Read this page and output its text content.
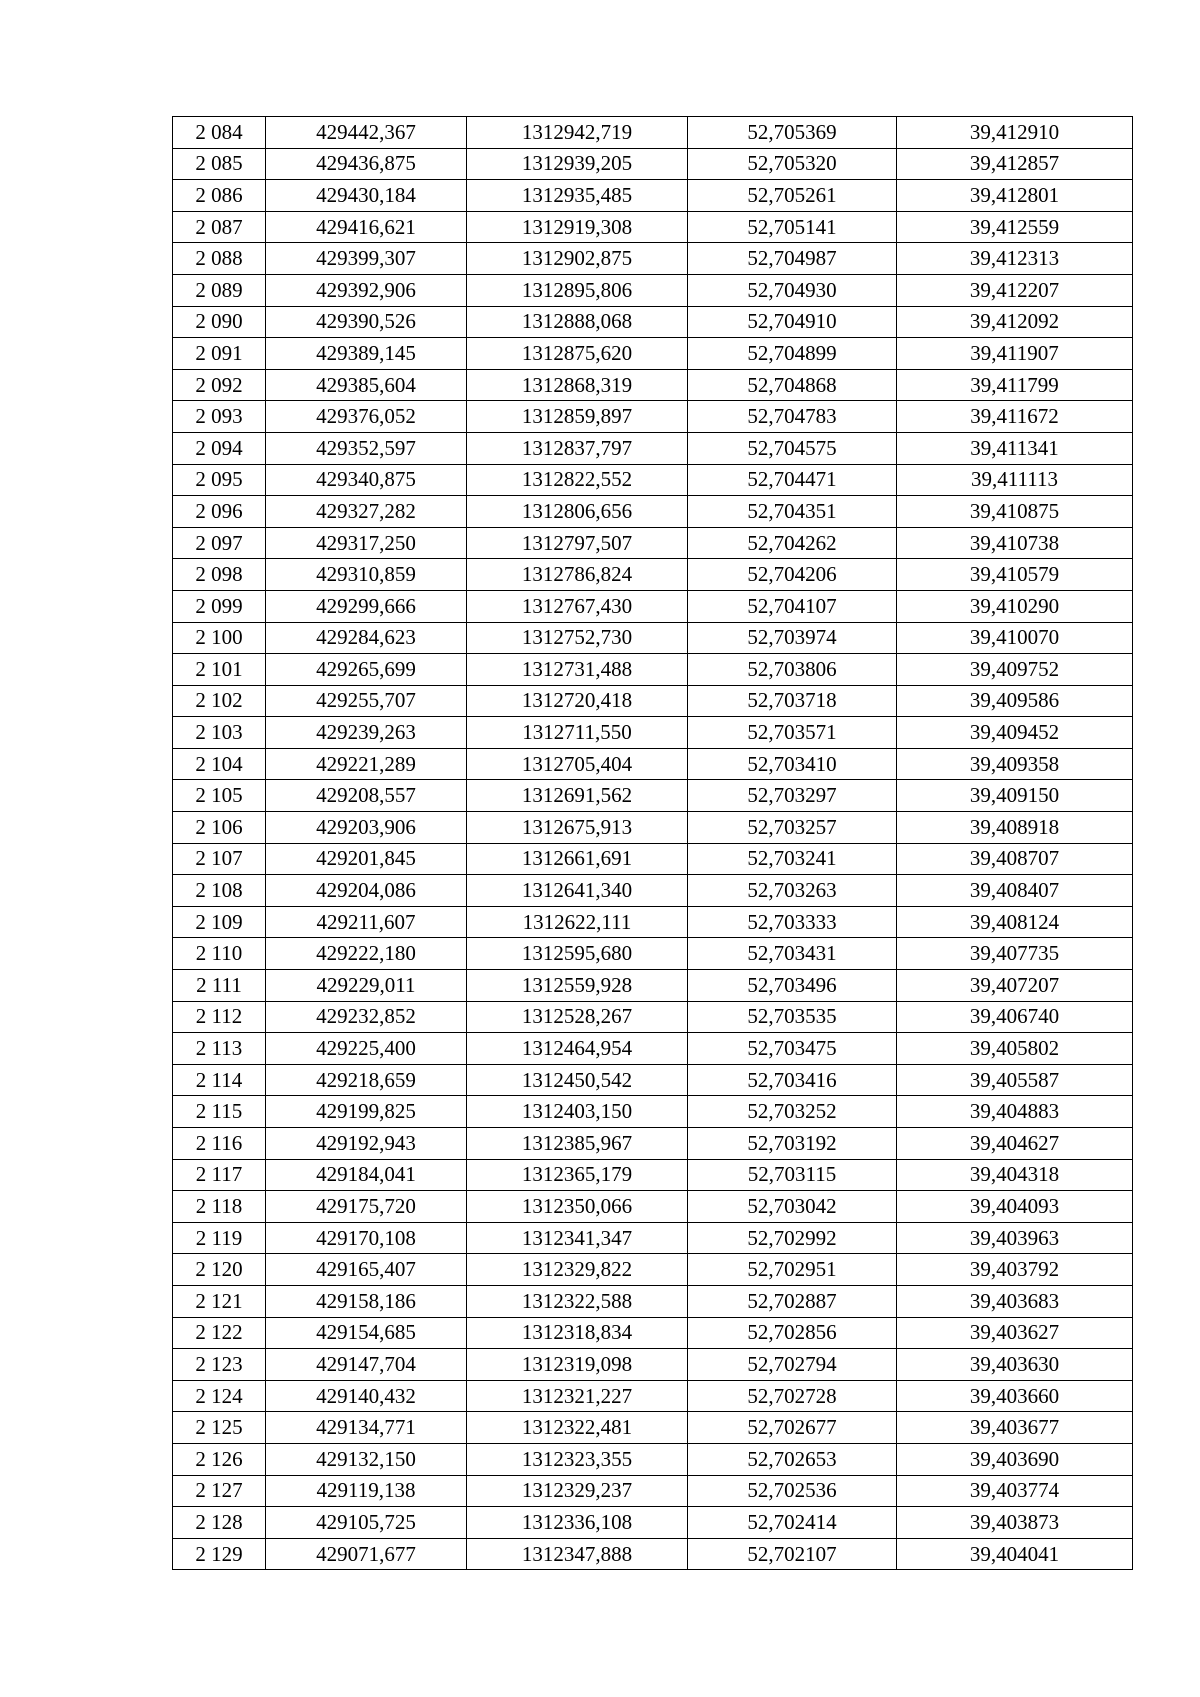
2 084	429442,367	1312942,719	52,705369	39,412910
2 085	429436,875	1312939,205	52,705320	39,412857
2 086	429430,184	1312935,485	52,705261	39,412801
2 087	429416,621	1312919,308	52,705141	39,412559
2 088	429399,307	1312902,875	52,704987	39,412313
2 089	429392,906	1312895,806	52,704930	39,412207
2 090	429390,526	1312888,068	52,704910	39,412092
2 091	429389,145	1312875,620	52,704899	39,411907
2 092	429385,604	1312868,319	52,704868	39,411799
2 093	429376,052	1312859,897	52,704783	39,411672
2 094	429352,597	1312837,797	52,704575	39,411341
2 095	429340,875	1312822,552	52,704471	39,411113
2 096	429327,282	1312806,656	52,704351	39,410875
2 097	429317,250	1312797,507	52,704262	39,410738
2 098	429310,859	1312786,824	52,704206	39,410579
2 099	429299,666	1312767,430	52,704107	39,410290
2 100	429284,623	1312752,730	52,703974	39,410070
2 101	429265,699	1312731,488	52,703806	39,409752
2 102	429255,707	1312720,418	52,703718	39,409586
2 103	429239,263	1312711,550	52,703571	39,409452
2 104	429221,289	1312705,404	52,703410	39,409358
2 105	429208,557	1312691,562	52,703297	39,409150
2 106	429203,906	1312675,913	52,703257	39,408918
2 107	429201,845	1312661,691	52,703241	39,408707
2 108	429204,086	1312641,340	52,703263	39,408407
2 109	429211,607	1312622,111	52,703333	39,408124
2 110	429222,180	1312595,680	52,703431	39,407735
2 111	429229,011	1312559,928	52,703496	39,407207
2 112	429232,852	1312528,267	52,703535	39,406740
2 113	429225,400	1312464,954	52,703475	39,405802
2 114	429218,659	1312450,542	52,703416	39,405587
2 115	429199,825	1312403,150	52,703252	39,404883
2 116	429192,943	1312385,967	52,703192	39,404627
2 117	429184,041	1312365,179	52,703115	39,404318
2 118	429175,720	1312350,066	52,703042	39,404093
2 119	429170,108	1312341,347	52,702992	39,403963
2 120	429165,407	1312329,822	52,702951	39,403792
2 121	429158,186	1312322,588	52,702887	39,403683
2 122	429154,685	1312318,834	52,702856	39,403627
2 123	429147,704	1312319,098	52,702794	39,403630
2 124	429140,432	1312321,227	52,702728	39,403660
2 125	429134,771	1312322,481	52,702677	39,403677
2 126	429132,150	1312323,355	52,702653	39,403690
2 127	429119,138	1312329,237	52,702536	39,403774
2 128	429105,725	1312336,108	52,702414	39,403873
2 129	429071,677	1312347,888	52,702107	39,404041
